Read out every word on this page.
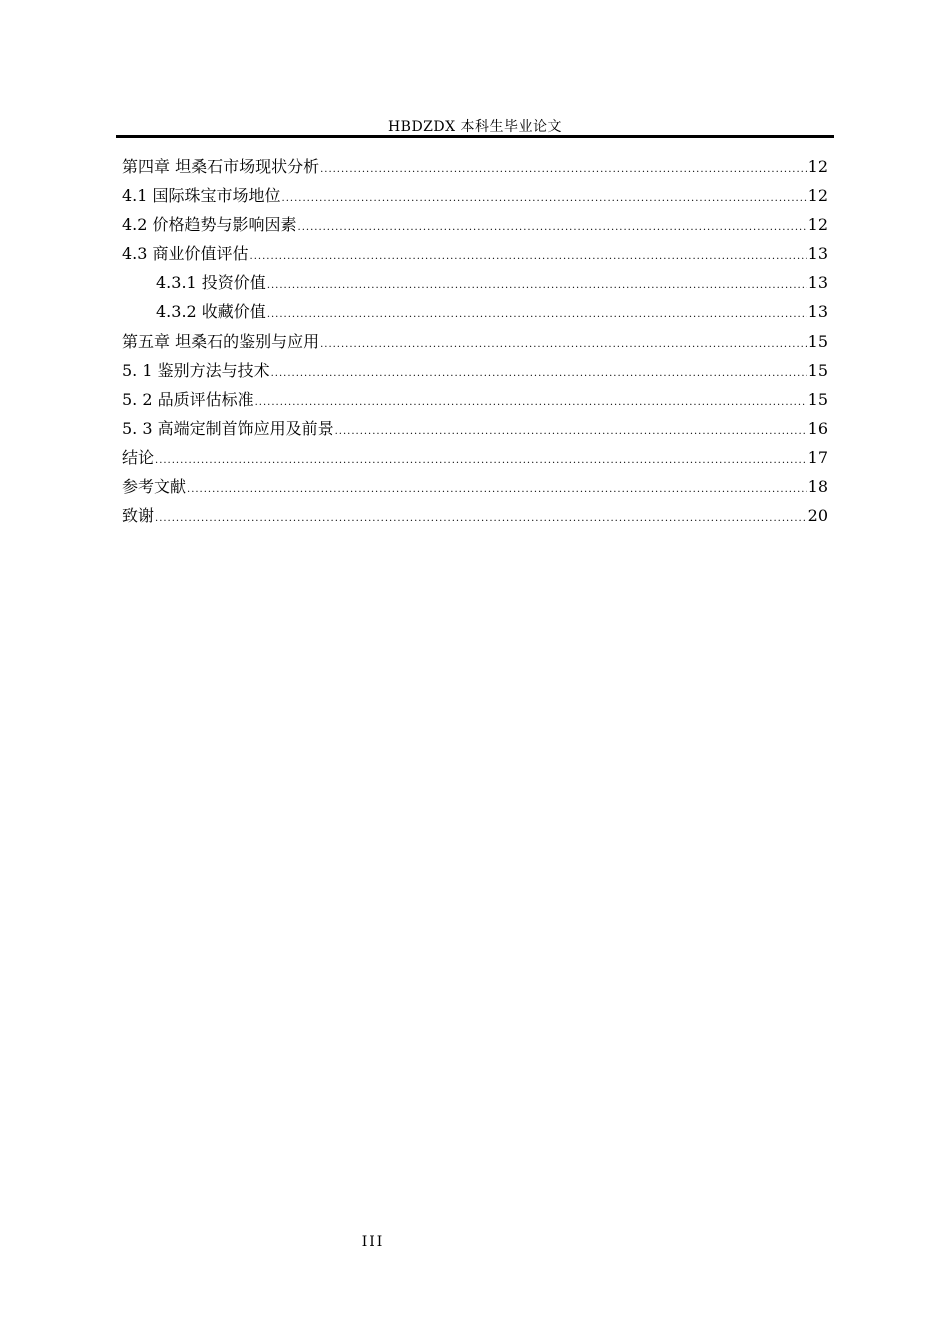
HBDZDX 本科生毕业论文
第四章 坦桑石市场现状分析 .....	12
4.1 国际珠宝市场地位 .....	12
4.2 价格趋势与影响因素 .....	12
4.3 商业价值评估 .....	13
4.3.1 投资价值 .....	13
4.3.2 收藏价值 .....	13
第五章 坦桑石的鉴别与应用 .....	15
5. 1 鉴别方法与技术 .....	15
5. 2 品质评估标准 .....	15
5. 3 高端定制首饰应用及前景 .....	16
结论 .....	17
参考文献 .....	18
致谢 .....	20
III
